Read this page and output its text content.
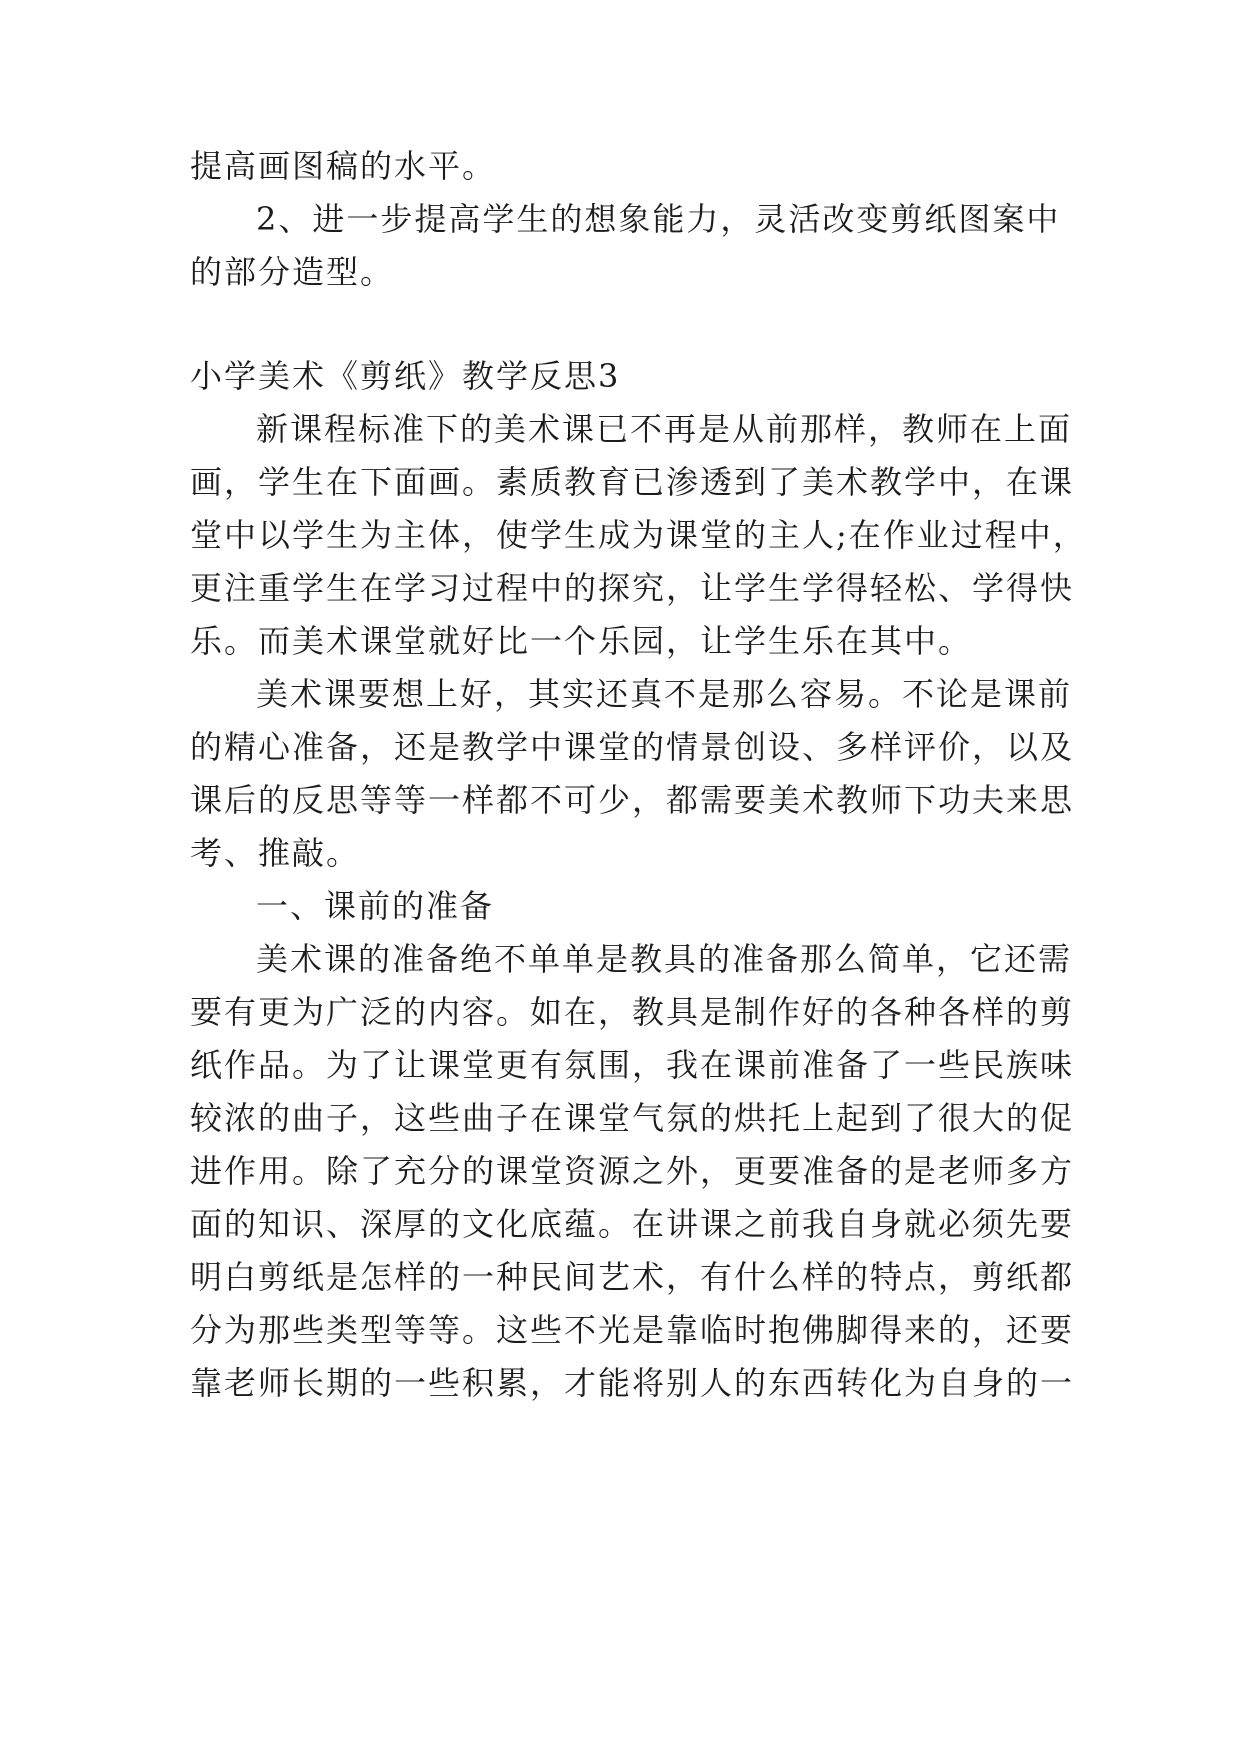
提高画图稿的水平。
2、进一步提高学生的想象能力，灵活改变剪纸图案中
的部分造型。
小学美术《剪纸》教学反思3
新课程标准下的美术课已不再是从前那样，教师在上面
画，学生在下面画。素质教育已渗透到了美术教学中，在课
堂中以学生为主体，使学生成为课堂的主人;在作业过程中，
更注重学生在学习过程中的探究，让学生学得轻松、学得快
乐。而美术课堂就好比一个乐园，让学生乐在其中。
美术课要想上好，其实还真不是那么容易。不论是课前
的精心准备，还是教学中课堂的情景创设、多样评价，以及
课后的反思等等一样都不可少，都需要美术教师下功夫来思
考、推敲。
一、课前的准备
美术课的准备绝不单单是教具的准备那么简单，它还需
要有更为广泛的内容。如在，教具是制作好的各种各样的剪
纸作品。为了让课堂更有氛围，我在课前准备了一些民族味
较浓的曲子，这些曲子在课堂气氛的烘托上起到了很大的促
进作用。除了充分的课堂资源之外，更要准备的是老师多方
面的知识、深厚的文化底蕴。在讲课之前我自身就必须先要
明白剪纸是怎样的一种民间艺术，有什么样的特点，剪纸都
分为那些类型等等。这些不光是靠临时抱佛脚得来的，还要
靠老师长期的一些积累，才能将别人的东西转化为自身的一
